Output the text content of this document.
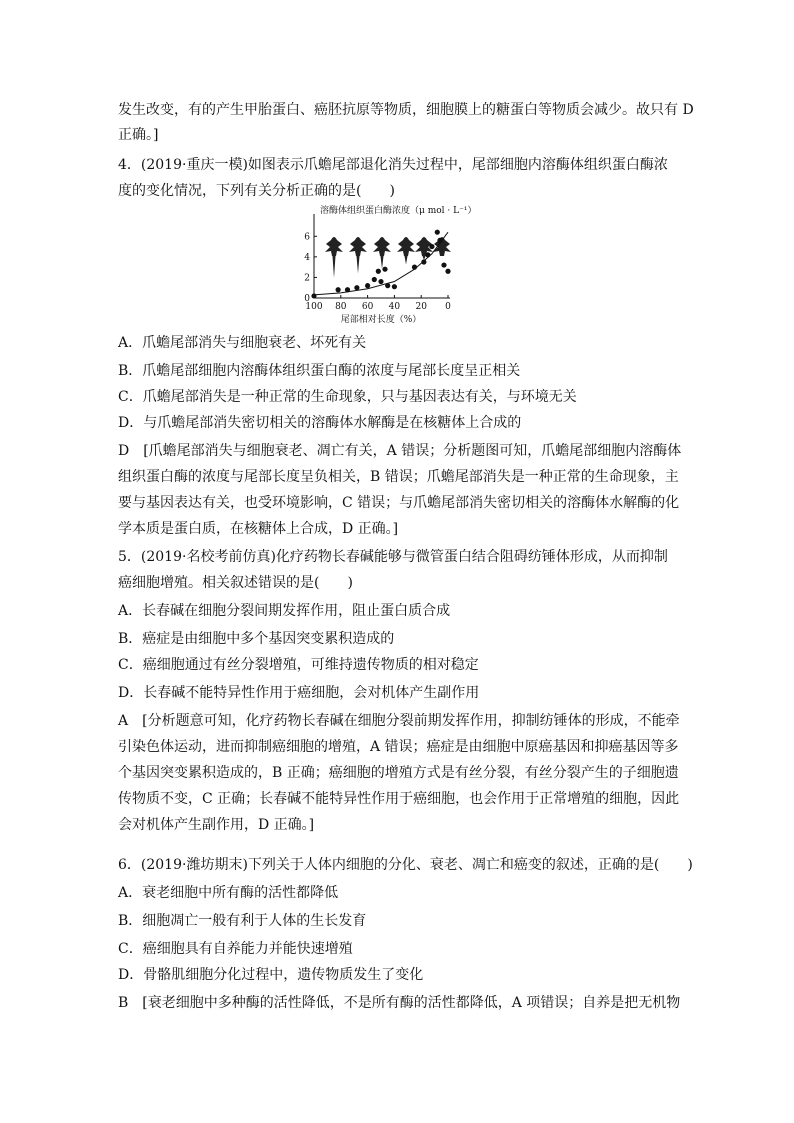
发生改变，有的产生甲胎蛋白、癌胚抗原等物质，细胞膜上的糖蛋白等物质会减少。故只有 D
正确。]
4．(2019·重庆一模)如图表示爪蟾尾部退化消失过程中，尾部细胞内溶酶体组织蛋白酶浓
度的变化情况，下列有关分析正确的是(　　)
A．爪蟾尾部消失与细胞衰老、坏死有关
B．爪蟾尾部细胞内溶酶体组织蛋白酶的浓度与尾部长度呈正相关
C．爪蟾尾部消失是一种正常的生命现象，只与基因表达有关，与环境无关
D．与爪蟾尾部消失密切相关的溶酶体水解酶是在核糖体上合成的
D　[爪蟾尾部消失与细胞衰老、凋亡有关，A 错误；分析题图可知，爪蟾尾部细胞内溶酶体
组织蛋白酶的浓度与尾部长度呈负相关，B 错误；爪蟾尾部消失是一种正常的生命现象，主
要与基因表达有关，也受环境影响，C 错误；与爪蟾尾部消失密切相关的溶酶体水解酶的化
学本质是蛋白质，在核糖体上合成，D 正确。]
5．(2019·名校考前仿真)化疗药物长春碱能够与微管蛋白结合阻碍纺锤体形成，从而抑制
癌细胞增殖。相关叙述错误的是(　　)
A．长春碱在细胞分裂间期发挥作用，阻止蛋白质合成
B．癌症是由细胞中多个基因突变累积造成的
C．癌细胞通过有丝分裂增殖，可维持遗传物质的相对稳定
D．长春碱不能特异性作用于癌细胞，会对机体产生副作用
A　[分析题意可知，化疗药物长春碱在细胞分裂前期发挥作用，抑制纺锤体的形成，不能牵
引染色体运动，进而抑制癌细胞的增殖，A 错误；癌症是由细胞中原癌基因和抑癌基因等多
个基因突变累积造成的，B 正确；癌细胞的增殖方式是有丝分裂，有丝分裂产生的子细胞遗
传物质不变，C 正确；长春碱不能特异性作用于癌细胞，也会作用于正常增殖的细胞，因此
会对机体产生副作用，D 正确。]
6．(2019·潍坊期末)下列关于人体内细胞的分化、衰老、凋亡和癌变的叙述，正确的是(　　)
A．衰老细胞中所有酶的活性都降低
B．细胞凋亡一般有利于人体的生长发育
C．癌细胞具有自养能力并能快速增殖
D．骨骼肌细胞分化过程中，遗传物质发生了变化
B　[衰老细胞中多种酶的活性降低，不是所有酶的活性都降低，A 项错误；自养是把无机物
溶酶体组织蛋白酶浓度（μ mol · L⁻¹）
0
2
4
6
100 80 60 40 20 0
尾部相对长度（%）
